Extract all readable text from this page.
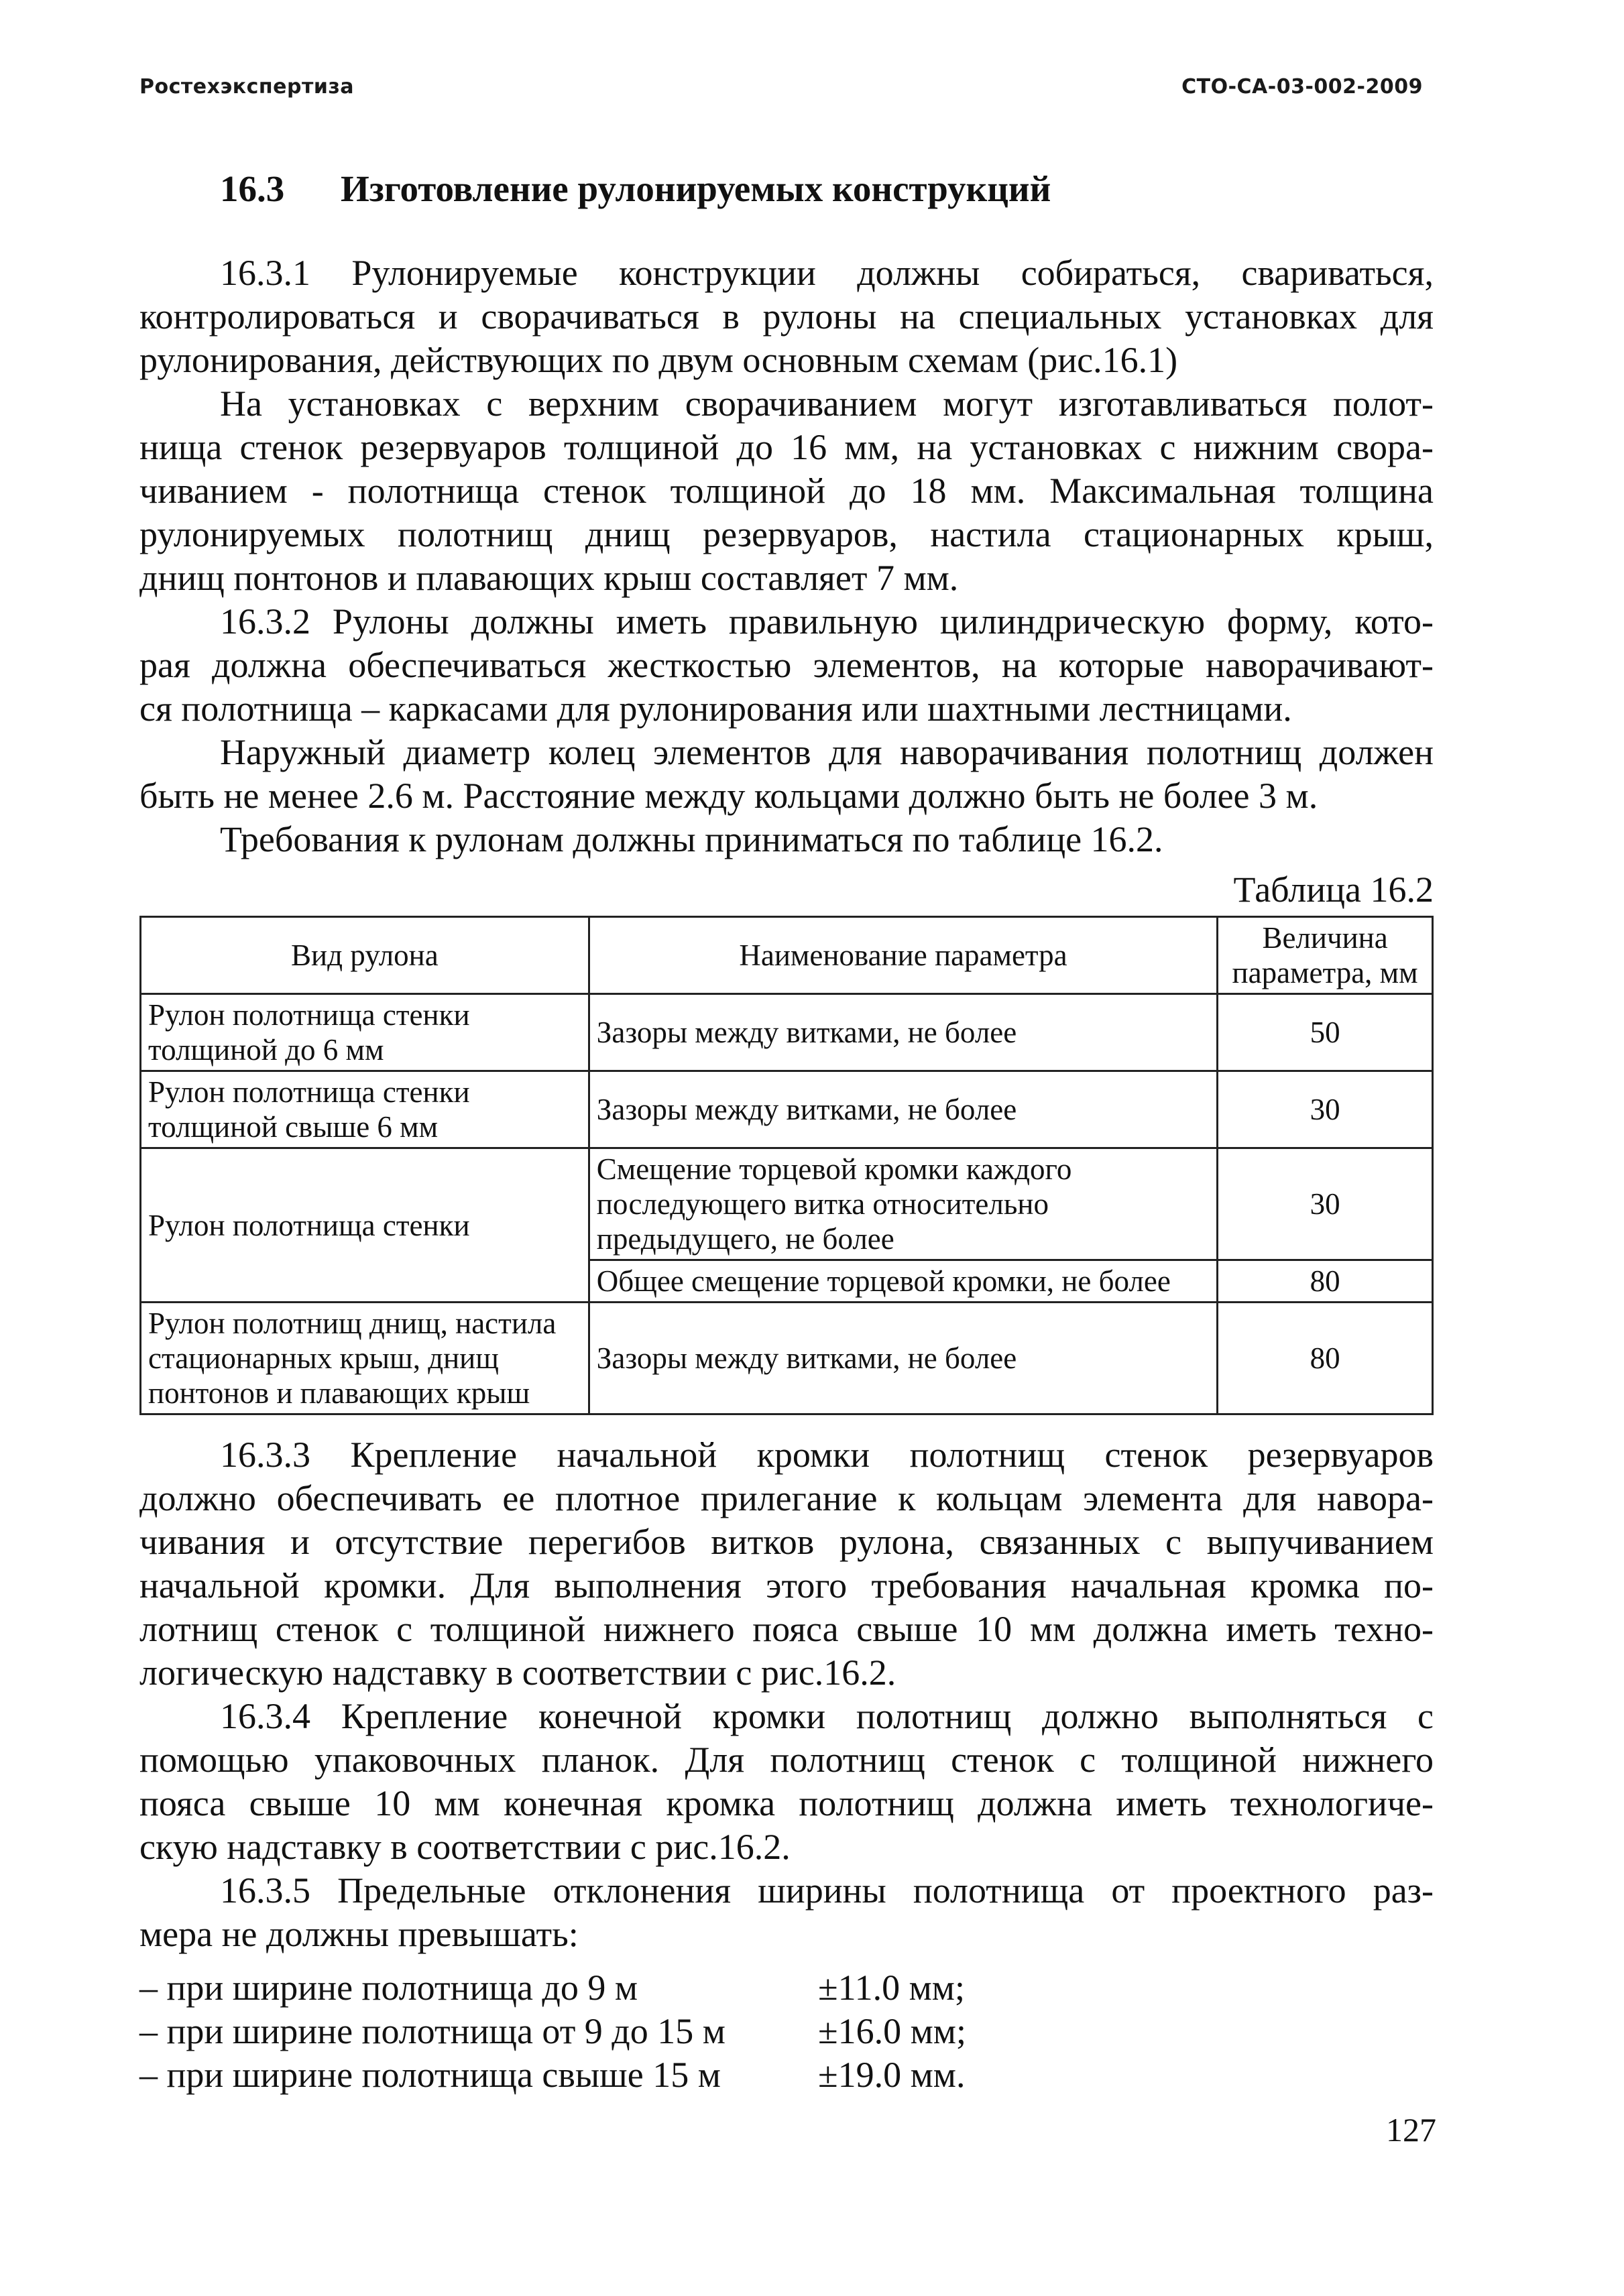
Ростехэкспертиза	СТО-СА-03-002-2009
16.3 Изготовление рулонируемых конструкций
16.3.1 Рулонируемые конструкции должны собираться, свариваться,
контролироваться и сворачиваться в рулоны на специальных установках для
рулонирования, действующих по двум основным схемам (рис.16.1)
На установках с верхним сворачиванием могут изготавливаться полот-
нища стенок резервуаров толщиной до 16 мм, на установках с нижним свора-
чиванием - полотнища стенок толщиной до 18 мм. Максимальная толщина
рулонируемых полотнищ днищ резервуаров, настила стационарных крыш,
днищ понтонов и плавающих крыш составляет 7 мм.
16.3.2 Рулоны должны иметь правильную цилиндрическую форму, кото-
рая должна обеспечиваться жесткостью элементов, на которые наворачивают-
ся полотнища – каркасами для рулонирования или шахтными лестницами.
Наружный диаметр колец элементов для наворачивания полотнищ должен
быть не менее 2.6 м. Расстояние между кольцами должно быть не более 3 м.
Требования к рулонам должны приниматься по таблице 16.2.
Таблица 16.2
Вид рулона	Наименование параметра	Величина параметра, мм
Рулон полотнища стенки толщиной до 6 мм	Зазоры между витками, не более	50
Рулон полотнища стенки толщиной свыше 6 мм	Зазоры между витками, не более	30
Рулон полотнища стенки	Смещение торцевой кромки каждого последующего витка относительно предыдущего, не более	30
	Общее смещение торцевой кромки, не более	80
Рулон полотнищ днищ, настила стационарных крыш, днищ понтонов и плавающих крыш	Зазоры между витками, не более	80
16.3.3 Крепление начальной кромки полотнищ стенок резервуаров
должно обеспечивать ее плотное прилегание к кольцам элемента для навора-
чивания и отсутствие перегибов витков рулона, связанных с выпучиванием
начальной кромки. Для выполнения этого требования начальная кромка по-
лотнищ стенок с толщиной нижнего пояса свыше 10 мм должна иметь техно-
логическую надставку в соответствии с рис.16.2.
16.3.4 Крепление конечной кромки полотнищ должно выполняться с
помощью упаковочных планок. Для полотнищ стенок с толщиной нижнего
пояса свыше 10 мм конечная кромка полотнищ должна иметь технологиче-
скую надставку в соответствии с рис.16.2.
16.3.5 Предельные отклонения ширины полотнища от проектного раз-
мера не должны превышать:
– при ширине полотнища до 9 м	±11.0 мм;
– при ширине полотнища от 9 до 15 м	±16.0 мм;
– при ширине полотнища свыше 15 м	±19.0 мм.
127
